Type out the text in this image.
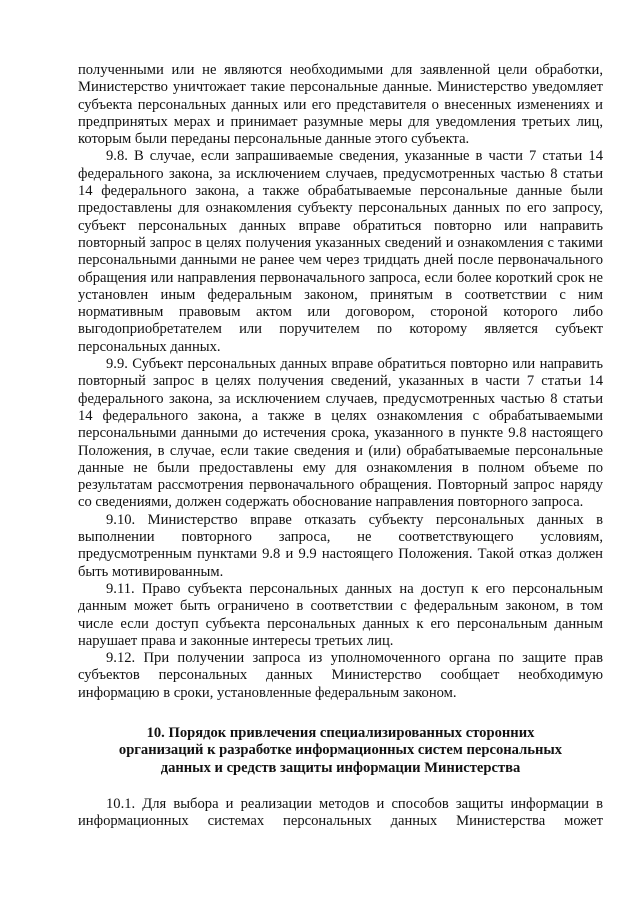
полученными или не являются необходимыми для заявленной цели обработки, Министерство уничтожает такие персональные данные. Министерство уведомляет субъекта персональных данных или его представителя о внесенных изменениях и предпринятых мерах и принимает разумные меры для уведомления третьих лиц, которым были переданы персональные данные этого субъекта.

9.8. В случае, если запрашиваемые сведения, указанные в части 7 статьи 14 федерального закона, за исключением случаев, предусмотренных частью 8 статьи 14 федерального закона, а также обрабатываемые персональные данные были предоставлены для ознакомления субъекту персональных данных по его запросу, субъект персональных данных вправе обратиться повторно или направить повторный запрос в целях получения указанных сведений и ознакомления с такими персональными данными не ранее чем через тридцать дней после первоначального обращения или направления первоначального запроса, если более короткий срок не установлен иным федеральным законом, принятым в соответствии с ним нормативным правовым актом или договором, стороной которого либо выгодоприобретателем или поручителем по которому является субъект персональных данных.

9.9. Субъект персональных данных вправе обратиться повторно или направить повторный запрос в целях получения сведений, указанных в части 7 статьи 14 федерального закона, за исключением случаев, предусмотренных частью 8 статьи 14 федерального закона, а также в целях ознакомления с обрабатываемыми персональными данными до истечения срока, указанного в пункте 9.8 настоящего Положения, в случае, если такие сведения и (или) обрабатываемые персональные данные не были предоставлены ему для ознакомления в полном объеме по результатам рассмотрения первоначального обращения. Повторный запрос наряду со сведениями, должен содержать обоснование направления повторного запроса.

9.10. Министерство вправе отказать субъекту персональных данных в выполнении повторного запроса, не соответствующего условиям, предусмотренным пунктами 9.8 и 9.9 настоящего Положения. Такой отказ должен быть мотивированным.

9.11. Право субъекта персональных данных на доступ к его персональным данным может быть ограничено в соответствии с федеральным законом, в том числе если доступ субъекта персональных данных к его персональным данным нарушает права и законные интересы третьих лиц.

9.12. При получении запроса из уполномоченного органа по защите прав субъектов персональных данных Министерство сообщает необходимую информацию в сроки, установленные федеральным законом.

10. Порядок привлечения специализированных сторонних
организаций к разработке информационных систем персональных
данных и средств защиты информации Министерства

10.1. Для выбора и реализации методов и способов защиты информации в информационных системах персональных данных Министерства может
